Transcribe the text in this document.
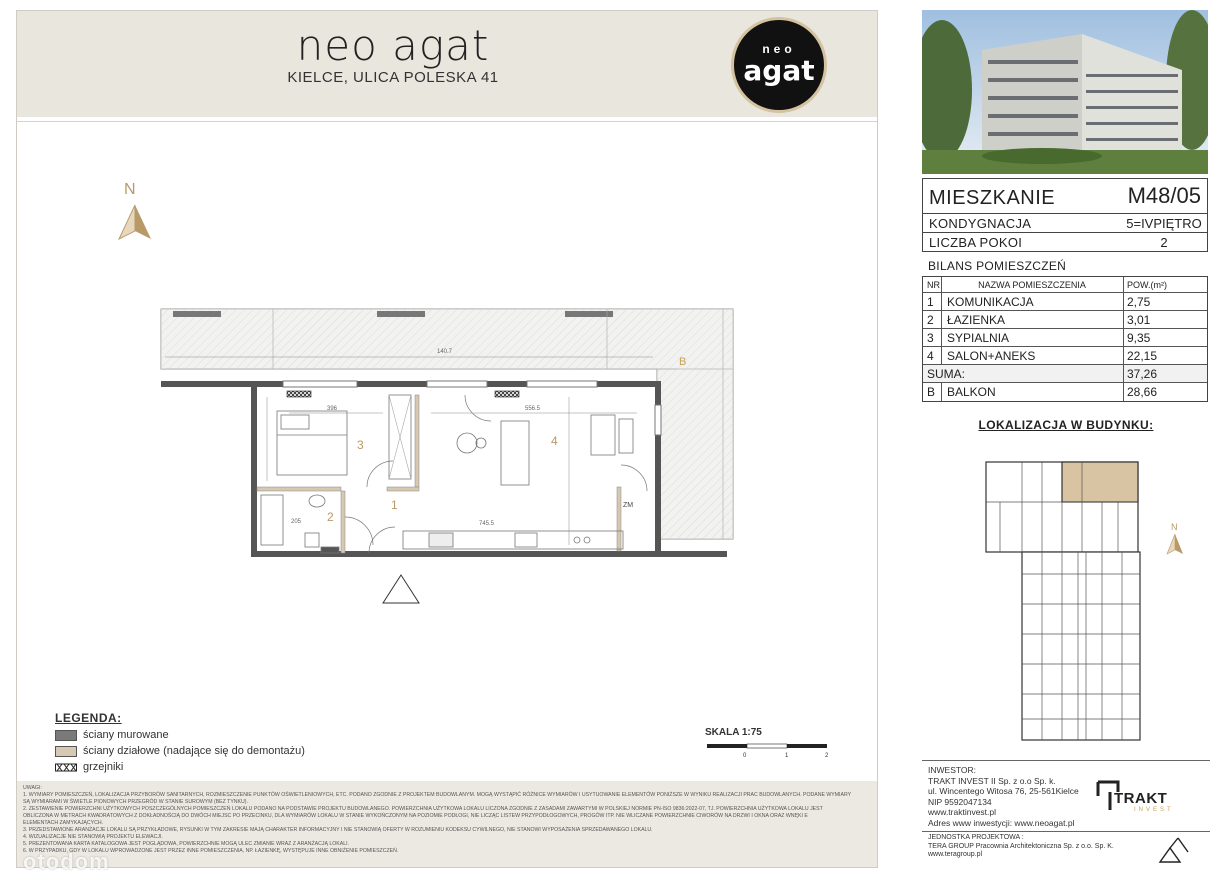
neo agat
KIELCE, ULICA POLESKA 41
neo
agat
N
B
140.7
396	556.5
745.5
205
3	4
1
2
ZM
LEGENDA:
ściany murowane
ściany działowe (nadające się do demontażu)
grzejniki
SKALA 1:75
0	1	2
UWAGI:
1. WYMIARY POMIESZCZEŃ, LOKALIZACJA PRZYBORÓW SANITARNYCH, ROZMIESZCZENIE PUNKTÓW OŚWIETLENIOWYCH, ETC. PODANO ZGODNIE Z PROJEKTEM BUDOWLANYM. MOGĄ WYSTĄPIĆ RÓŻNICE WYMIARÓW I USYTUOWANIE ELEMENTÓW PONIŻSZE W WYNIKU REALIZACJI PRAC BUDOWLANYCH. PODANE WYMIARY
SĄ WYMIARAMI W ŚWIETLE PIONOWYCH PRZEGRÓD W STANIE SUROWYM (BEZ TYNKU).
2. ZESTAWIENIE POWIERZCHNI UŻYTKOWYCH POSZCZEGÓLNYCH POMIESZCZEŃ LOKALU PODANO NA PODSTAWIE PROJEKTU BUDOWLANEGO. POWIERZCHNIA UŻYTKOWA LOKALU LICZONA ZGODNIE Z ZASADAMI ZAWARTYMI W POLSKIEJ NORMIE PN-ISO 9836:2022-07, TJ. POWIERZCHNIA UŻYTKOWA LOKALU JEST
OBLICZONA W METRACH KWADRATOWYCH Z DOKŁADNOŚCIĄ DO DWÓCH MIEJSC PO PRZECINKU, DLA WYMIARÓW LOKALU W STANIE WYKOŃCZONYM NA POZIOMIE PODŁOGI, NIE LICZĄC LISTEW PRZYPODŁOGOWYCH, PROGÓW ITP. NIE WLICZANE POWIERZCHNIE CIWORÓW NA DRZWI I OKNA ORAZ WNĘKI E
ELEMENTACH ZAMYKAJĄCYCH.
3. PRZEDSTAWIONE ARANŻACJE LOKALU SĄ PRZYKŁADOWE, RYSUNKI W TYM ZAKRESIE MAJĄ CHARAKTER INFORMACYJNY I NIE STANOWIĄ OFERTY W ROZUMIENIU KODEKSU CYWILNEGO, NIE STANOWI WYPOSAŻENIA SPRZEDAWANEGO LOKALU.
4. WIZUALIZACJE NIE STANOWIĄ PROJEKTU ELEWACJI.
5. PREZENTOWANA KARTA KATALOGOWA JEST POGLĄDOWA, POWIERZCHNIE MOGĄ ULEC ZMIANIE WRAZ Z ARANŻACJĄ LOKALI.
6. W PRZYPADKU, GDY W LOKALU WPROWADZONE JEST PRZEZ INNE POMIESZCZENIA, NP. ŁAZIENKĘ, WYSTĘPUJE INNE OBNIŻENIE POMIESZCZEŃ.
otodom
MIESZKANIE	M48/05
KONDYGNACJA	5=IVPIĘTRO
LICZBA POKOI	2
BILANS POMIESZCZEŃ
NR	NAZWA POMIESZCZENIA	POW.(m²)
1	KOMUNIKACJA	2,75
2	ŁAZIENKA	3,01
3	SYPIALNIA	9,35
4	SALON+ANEKS	22,15
SUMA:	37,26
B BALKON	28,66
LOKALIZACJA W BUDYNKU:
N
INWESTOR:
TRAKT INVEST II Sp. z o.o Sp. k.
ul. Wincentego Witosa 76, 25-561Kielce
NIP 9592047134
www.traktinvest.pl
Adres www inwestycji: www.neoagat.pl
TRAKT
INVEST
JEDNOSTKA PROJEKTOWA :
TERA GROUP Pracownia Architektoniczna Sp. z o.o. Sp. K.
www.teragroup.pl
